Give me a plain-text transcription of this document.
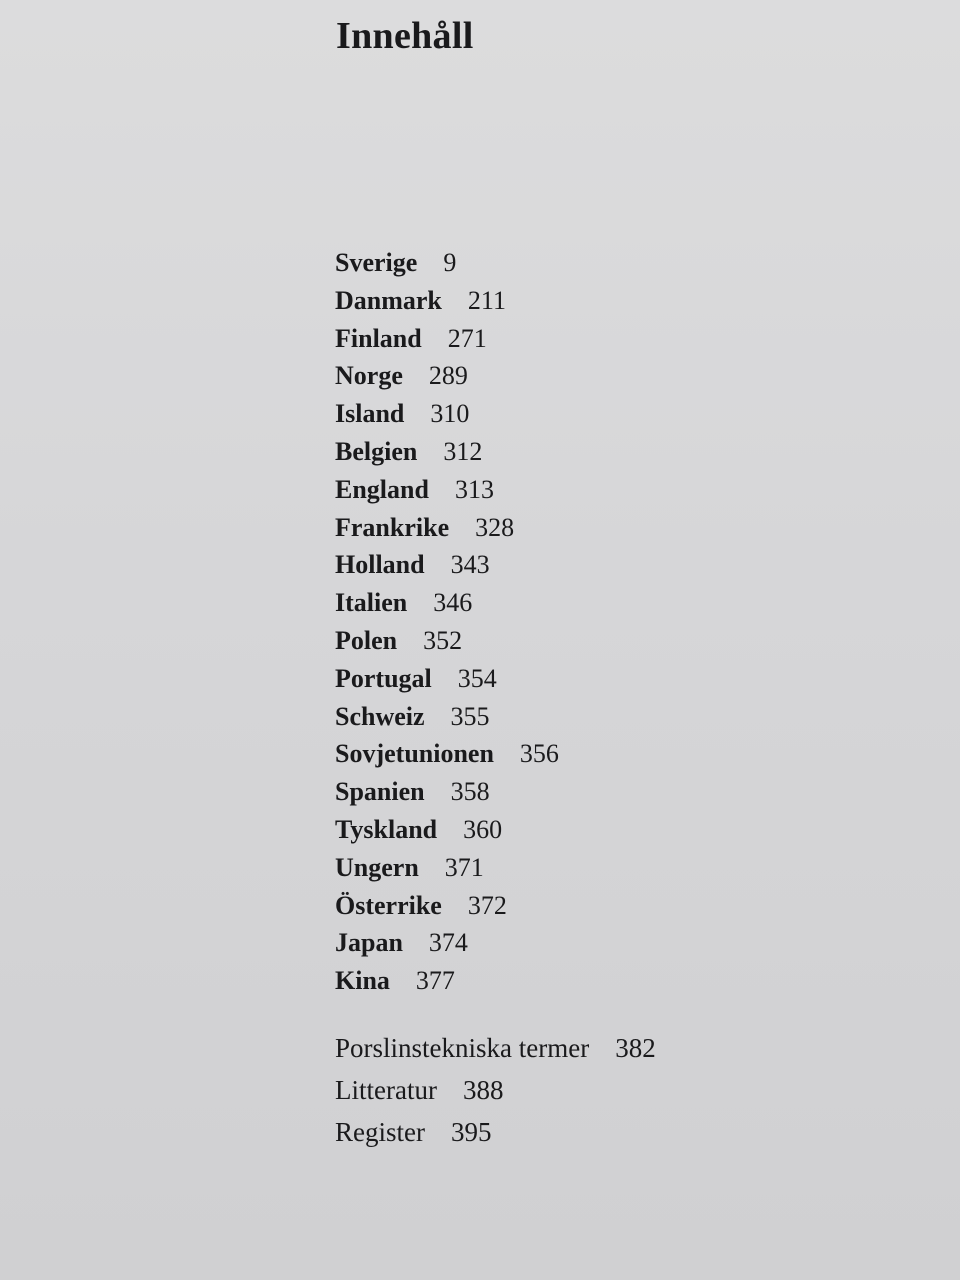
Innehåll
Sverige 9
Danmark 211
Finland 271
Norge 289
Island 310
Belgien 312
England 313
Frankrike 328
Holland 343
Italien 346
Polen 352
Portugal 354
Schweiz 355
Sovjetunionen 356
Spanien 358
Tyskland 360
Ungern 371
Österrike 372
Japan 374
Kina 377
Porslinstekniska termer 382
Litteratur 388
Register 395
